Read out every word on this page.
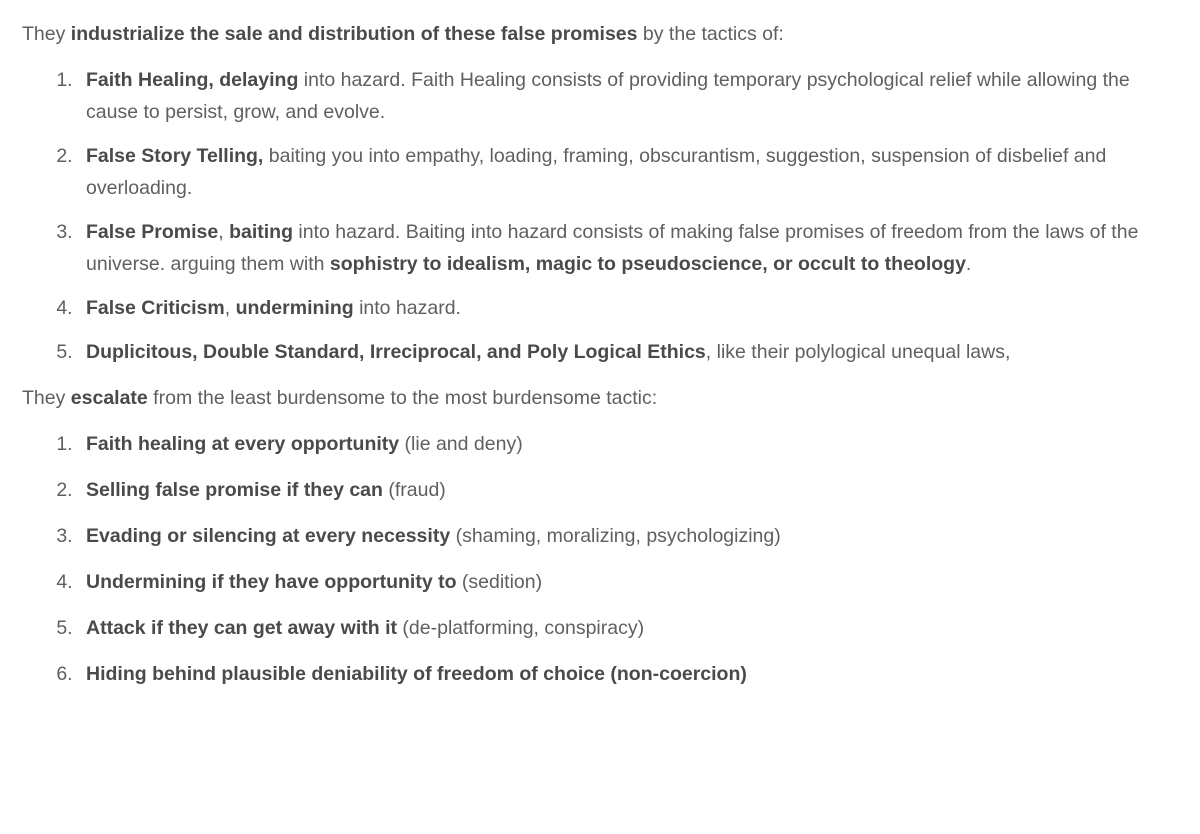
They industrialize the sale and distribution of these false promises by the tactics of:

1. Faith Healing, delaying into hazard. Faith Healing consists of providing temporary psychological relief while allowing the cause to persist, grow, and evolve.
2. False Story Telling, baiting you into empathy, loading, framing, obscurantism, suggestion, suspension of disbelief and overloading.
3. False Promise, baiting into hazard. Baiting into hazard consists of making false promises of freedom from the laws of the universe. arguing them with sophistry to idealism, magic to pseudoscience, or occult to theology.
4. False Criticism, undermining into hazard.
5. Duplicitous, Double Standard, Irreciprocal, and Poly Logical Ethics, like their polylogical unequal laws,

They escalate from the least burdensome to the most burdensome tactic:

1. Faith healing at every opportunity (lie and deny)
2. Selling false promise if they can (fraud)
3. Evading or silencing at every necessity (shaming, moralizing, psychologizing)
4. Undermining if they have opportunity to (sedition)
5. Attack if they can get away with it (de-platforming, conspiracy)
6. Hiding behind plausible deniability of freedom of choice (non-coercion)
